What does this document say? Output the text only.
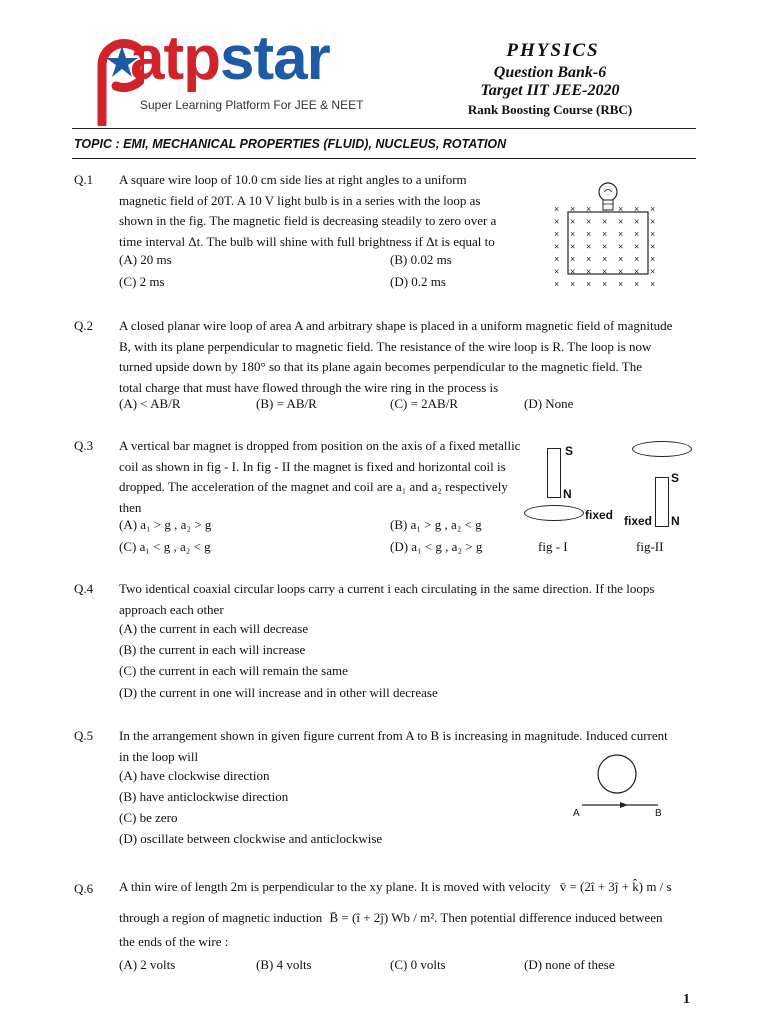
atpstar
Super Learning Platform For JEE & NEET
PHYSICS
Question Bank-6
Target IIT JEE-2020
Rank Boosting Course (RBC)
TOPIC : EMI, MECHANICAL PROPERTIES (FLUID), NUCLEUS, ROTATION
Q.1 A square wire loop of 10.0 cm side lies at right angles to a uniform
magnetic field of 20T. A 10 V light bulb is in a series with the loop as
shown in the fig. The magnetic field is decreasing steadily to zero over a
time interval Δt. The bulb will shine with full brightness if Δt is equal to
(A) 20 ms	(B) 0.02 ms
(C) 2 ms	(D) 0.2 ms
× × ×	× × ×
× × × × × × ×
× × × × × × ×
× × × × × × ×
× × × × × × ×
× × × × × × ×
× × × × × × ×
Q.2 A closed planar wire loop of area A and arbitrary shape is placed in a uniform magnetic field of magnitude
B, with its plane perpendicular to magnetic field. The resistance of the wire loop is R. The loop is now
turned upside down by 180° so that its plane again becomes perpendicular to the magnetic field. The
total charge that must have flowed through the wire ring in the process is
(A) < AB/R	(B) = AB/R	(C) = 2AB/R	(D) None
Q.3 A vertical bar magnet is dropped from position on the axis of a fixed metallic
coil as shown in fig - I. In fig - II the magnet is fixed and horizontal coil is
dropped. The acceleration of the magnet and coil are a₁ and a₂ respectively
then
(A) a₁ > g , a₂ > g	(B) a₁ > g , a₂ < g
(C) a₁ < g , a₂ < g	(D) a₁ < g , a₂ > g
S
N
fixed
fig - I
S
N
fixed
fig-II
Q.4 Two identical coaxial circular loops carry a current i each circulating in the same direction. If the loops
approach each other
(A) the current in each will decrease
(B) the current in each will increase
(C) the current in each will remain the same
(D) the current in one will increase and in other will decrease
Q.5 In the arrangement shown in given figure current from A to B is increasing in magnitude. Induced current
in the loop will
(A) have clockwise direction
(B) have anticlockwise direction
(C) be zero
(D) oscillate between clockwise and anticlockwise
A	B
Q.6 A thin wire of length 2m is perpendicular to the xy plane. It is moved with velocity v̄ = (2î + 3ĵ + k̂) m / s
through a region of magnetic induction B̄ = (î + 2ĵ) Wb / m². Then potential difference induced between
the ends of the wire :
(A) 2 volts	(B) 4 volts	(C) 0 volts	(D) none of these
1
